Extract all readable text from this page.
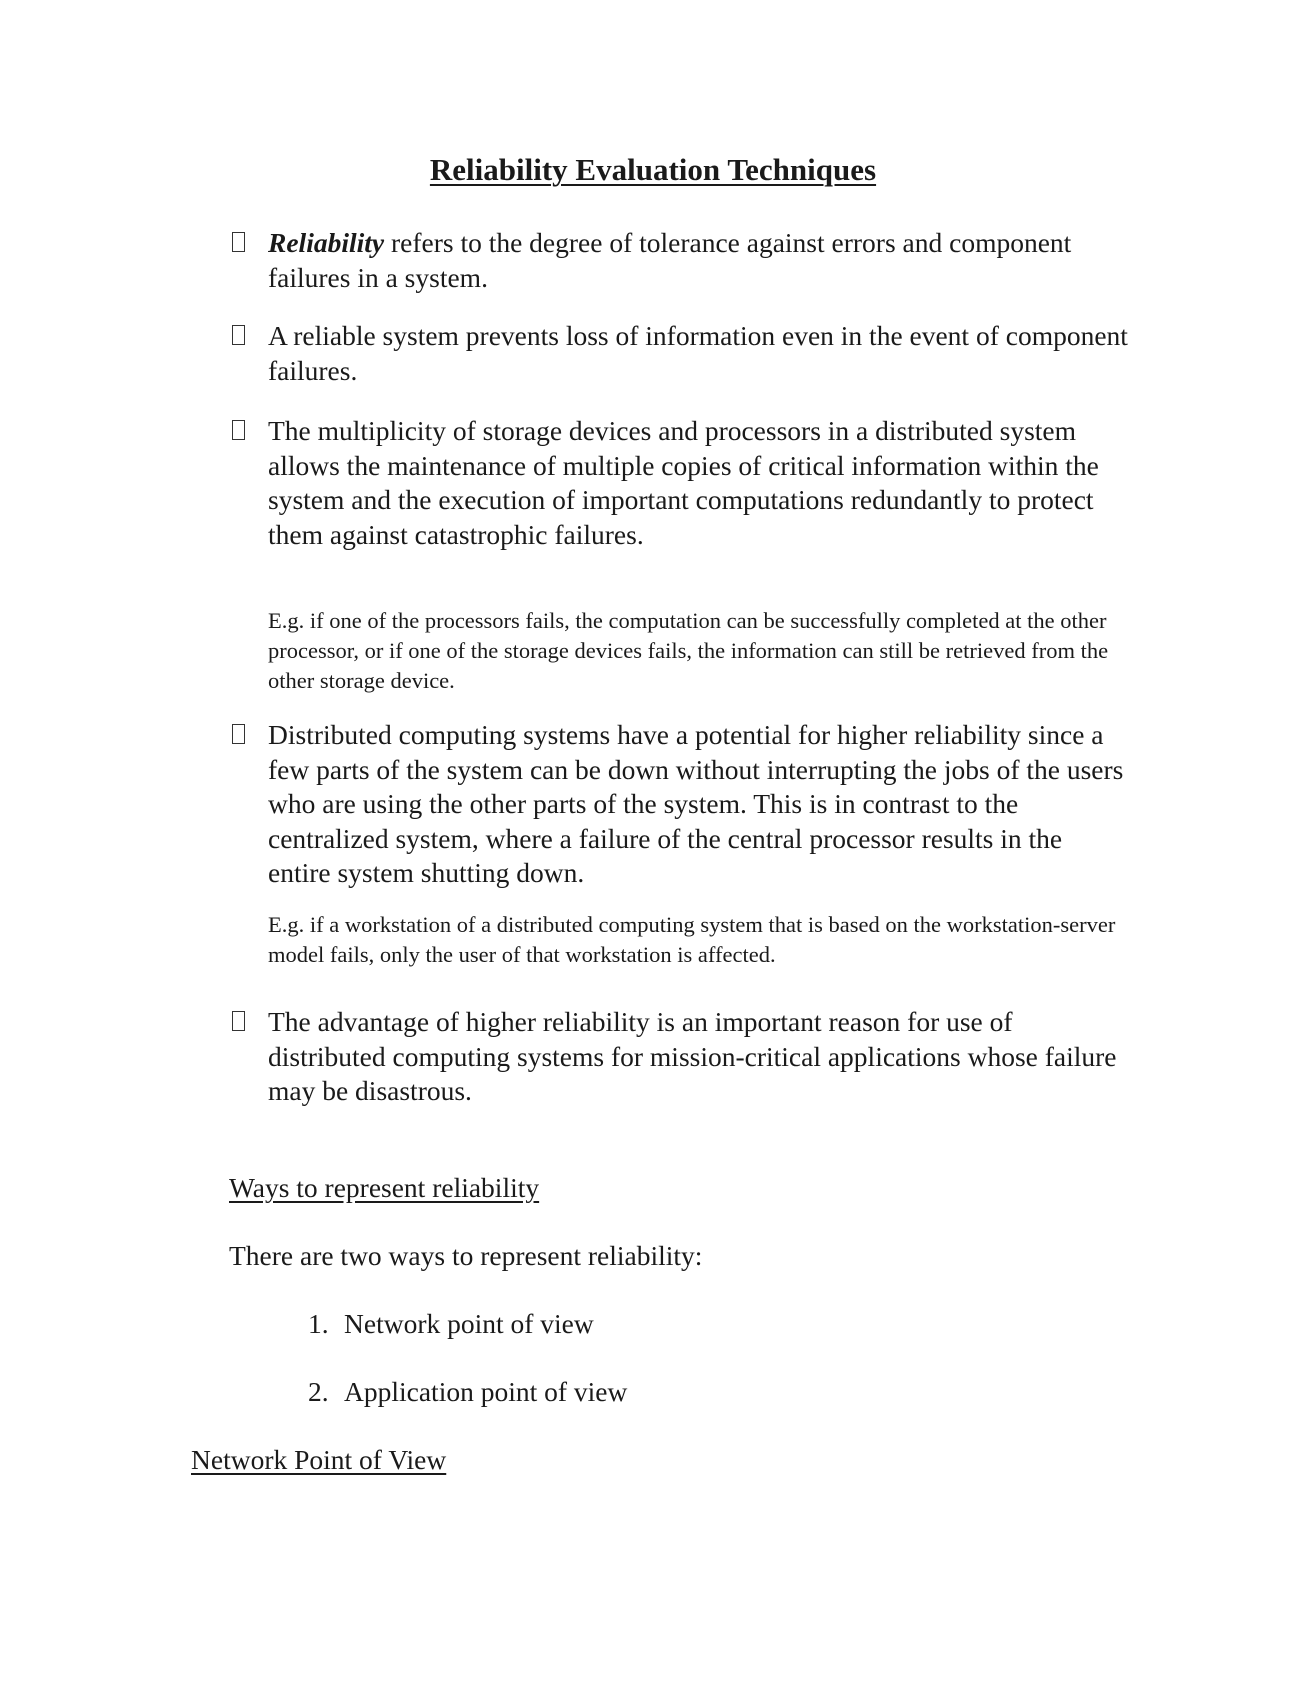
Reliability Evaluation Techniques
Reliability refers to the degree of tolerance against errors and component failures in a system.
A reliable system prevents loss of information even in the event of component failures.
The multiplicity of storage devices and processors in a distributed system allows the maintenance of multiple copies of critical information within the system and the execution of important computations redundantly to protect them against catastrophic failures.
E.g. if one of the processors fails, the computation can be successfully completed at the other processor, or if one of the storage devices fails, the information can still be retrieved from the other storage device.
Distributed computing systems have a potential for higher reliability since a few parts of the system can be down without interrupting the jobs of the users who are using the other parts of the system. This is in contrast to the centralized system, where a failure of the central processor results in the entire system shutting down.
E.g. if a workstation of a distributed computing system that is based on the workstation-server model fails, only the user of that workstation is affected.
The advantage of higher reliability is an important reason for use of distributed computing systems for mission-critical applications whose failure may be disastrous.
Ways to represent reliability
There are two ways to represent reliability:
1. Network point of view
2. Application point of view
Network Point of View
